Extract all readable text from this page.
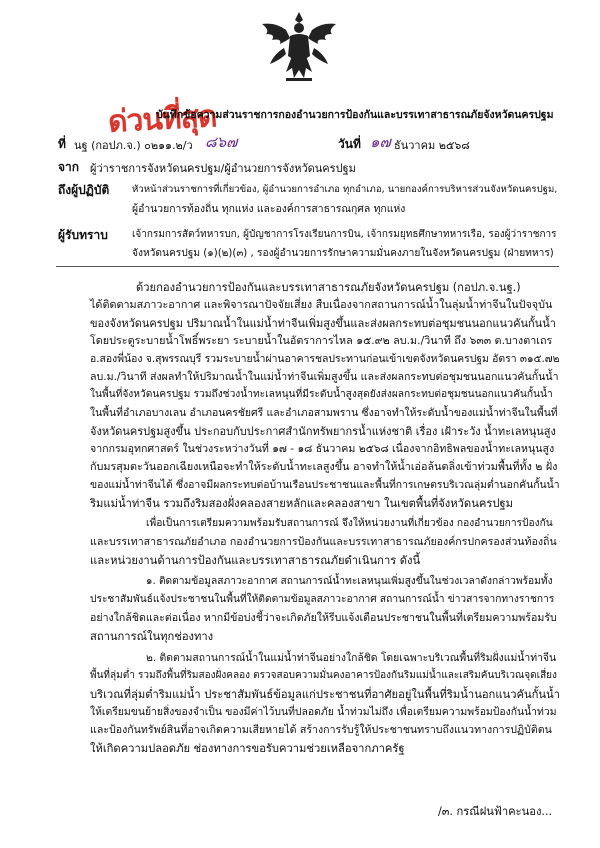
ด่วนที่สุด
บันทึกข้อความส่วนราชการกองอำนวยการป้องกันและบรรเทาสาธารณภัยจังหวัดนครปฐม
ที่ นฐ (กอปภ.จ.) ๐๒๑๑.๒/ว ๘๖๗	วันที่ ๑๗ ธันวาคม ๒๕๖๘
จาก ผู้ว่าราชการจังหวัดนครปฐม/ผู้อำนวยการจังหวัดนครปฐม
ถึงผู้ปฏิบัติ หัวหน้าส่วนราชการที่เกี่ยวข้อง, ผู้อำนวยการอำเภอ ทุกอำเภอ, นายกองค์การบริหารส่วนจังหวัดนครปฐม,
ผู้อำนวยการท้องถิ่น ทุกแห่ง และองค์การสาธารณกุศล ทุกแห่ง
ผู้รับทราบ เจ้ากรมการสัตว์ทหารบก, ผู้บัญชาการโรงเรียนการบิน, เจ้ากรมยุทธศึกษาทหารเรือ, รองผู้ว่าราชการ
จังหวัดนครปฐม (๑)(๒)(๓) , รองผู้อำนวยการรักษาความมั่นคงภายในจังหวัดนครปฐม (ฝ่ายทหาร)
ด้วยกองอำนวยการป้องกันและบรรเทาสาธารณภัยจังหวัดนครปฐม (กอปภ.จ.นฐ.)
ได้ติดตามสภาวะอากาศ และพิจารณาปัจจัยเสี่ยง สืบเนื่องจากสถานการณ์น้ำในลุ่มน้ำท่าจีนในปัจจุบัน
ของจังหวัดนครปฐม ปริมาณน้ำในแม่น้ำท่าจีนเพิ่มสูงขึ้นและส่งผลกระทบต่อชุมชนนอกแนวคันกั้นน้ำ
โดยประตูระบายน้ำโพธิ์พระยา ระบายน้ำในอัตราการไหล ๑๕.๙๒ ลบ.ม./วินาที ถึง ๖๓๓ ต.บางตาเถร
อ.สองพี่น้อง จ.สุพรรณบุรี รวมระบายน้ำผ่านอาคารชลประทานก่อนเข้าเขตจังหวัดนครปฐม อัตรา ๓๑๕.๗๒
ลบ.ม./วินาที ส่งผลทำให้ปริมาณน้ำในแม่น้ำท่าจีนเพิ่มสูงขึ้น และส่งผลกระทบต่อชุมชนนอกแนวคันกั้นน้ำ
ในพื้นที่จังหวัดนครปฐม รวมถึงช่วงน้ำทะเลหนุนที่มีระดับน้ำสูงสุดยังส่งผลกระทบต่อชุมชนนอกแนวคันกั้นน้ำ
ในพื้นที่อำเภอบางเลน อำเภอนครชัยศรี และอำเภอสามพราน ซึ่งอาจทำให้ระดับน้ำของแม่น้ำท่าจีนในพื้นที่
จังหวัดนครปฐมสูงขึ้น ประกอบกับประกาศสำนักทรัพยากรน้ำแห่งชาติ เรื่อง เฝ้าระวัง น้ำทะเลหนุนสูง
จากกรมอุทกศาสตร์ ในช่วงระหว่างวันที่ ๑๗ - ๑๘ ธันวาคม ๒๕๖๘ เนื่องจากอิทธิพลของน้ำทะเลหนุนสูง
กับมรสุมตะวันออกเฉียงเหนือจะทำให้ระดับน้ำทะเลสูงขึ้น อาจทำให้น้ำเอ่อล้นตลิ่งเข้าท่วมพื้นที่ทั้ง ๒ ฝั่ง
ของแม่น้ำท่าจีนได้ ซึ่งอาจมีผลกระทบต่อบ้านเรือนประชาชนและพื้นที่การเกษตรบริเวณลุ่มต่ำนอกคันกั้นน้ำ
ริมแม่น้ำท่าจีน รวมถึงริมสองฝั่งคลองสายหลักและคลองสาขา ในเขตพื้นที่จังหวัดนครปฐม
เพื่อเป็นการเตรียมความพร้อมรับสถานการณ์ จึงให้หน่วยงานที่เกี่ยวข้อง กองอำนวยการป้องกัน
และบรรเทาสาธารณภัยอำเภอ กองอำนวยการป้องกันและบรรเทาสาธารณภัยองค์กรปกครองส่วนท้องถิ่น
และหน่วยงานด้านการป้องกันและบรรเทาสาธารณภัยดำเนินการ ดังนี้
๑. ติดตามข้อมูลสภาวะอากาศ สถานการณ์น้ำทะเลหนุนเพิ่มสูงขึ้นในช่วงเวลาดังกล่าวพร้อมทั้ง
ประชาสัมพันธ์แจ้งประชาชนในพื้นที่ให้ติดตามข้อมูลสภาวะอากาศ สถานการณ์น้ำ ข่าวสารจากทางราชการ
อย่างใกล้ชิดและต่อเนื่อง หากมีข้อบ่งชี้ว่าจะเกิดภัยให้รีบแจ้งเตือนประชาชนในพื้นที่เตรียมความพร้อมรับ
สถานการณ์ในทุกช่องทาง
๒. ติดตามสถานการณ์น้ำในแม่น้ำท่าจีนอย่างใกล้ชิด โดยเฉพาะบริเวณพื้นที่ริมฝั่งแม่น้ำท่าจีน
พื้นที่ลุ่มต่ำ รวมถึงพื้นที่ริมสองฝั่งคลอง ตรวจสอบความมั่นคงอาคารป้องกันริมแม่น้ำและเสริมคันบริเวณจุดเสี่ยง
บริเวณที่ลุ่มต่ำริมแม่น้ำ ประชาสัมพันธ์ข้อมูลแก่ประชาชนที่อาศัยอยู่ในพื้นที่ริมน้ำนอกแนวคันกั้นน้ำ
ให้เตรียมขนย้ายสิ่งของจำเป็น ของมีค่าไว้บนที่ปลอดภัย น้ำท่วมไม่ถึง เพื่อเตรียมความพร้อมป้องกันน้ำท่วม
และป้องกันทรัพย์สินที่อาจเกิดความเสียหายได้ สร้างการรับรู้ให้ประชาชนทราบถึงแนวทางการปฏิบัติตน
ให้เกิดความปลอดภัย ช่องทางการขอรับความช่วยเหลือจากภาครัฐ
/๓. กรณีฝนฟ้าคะนอง...
